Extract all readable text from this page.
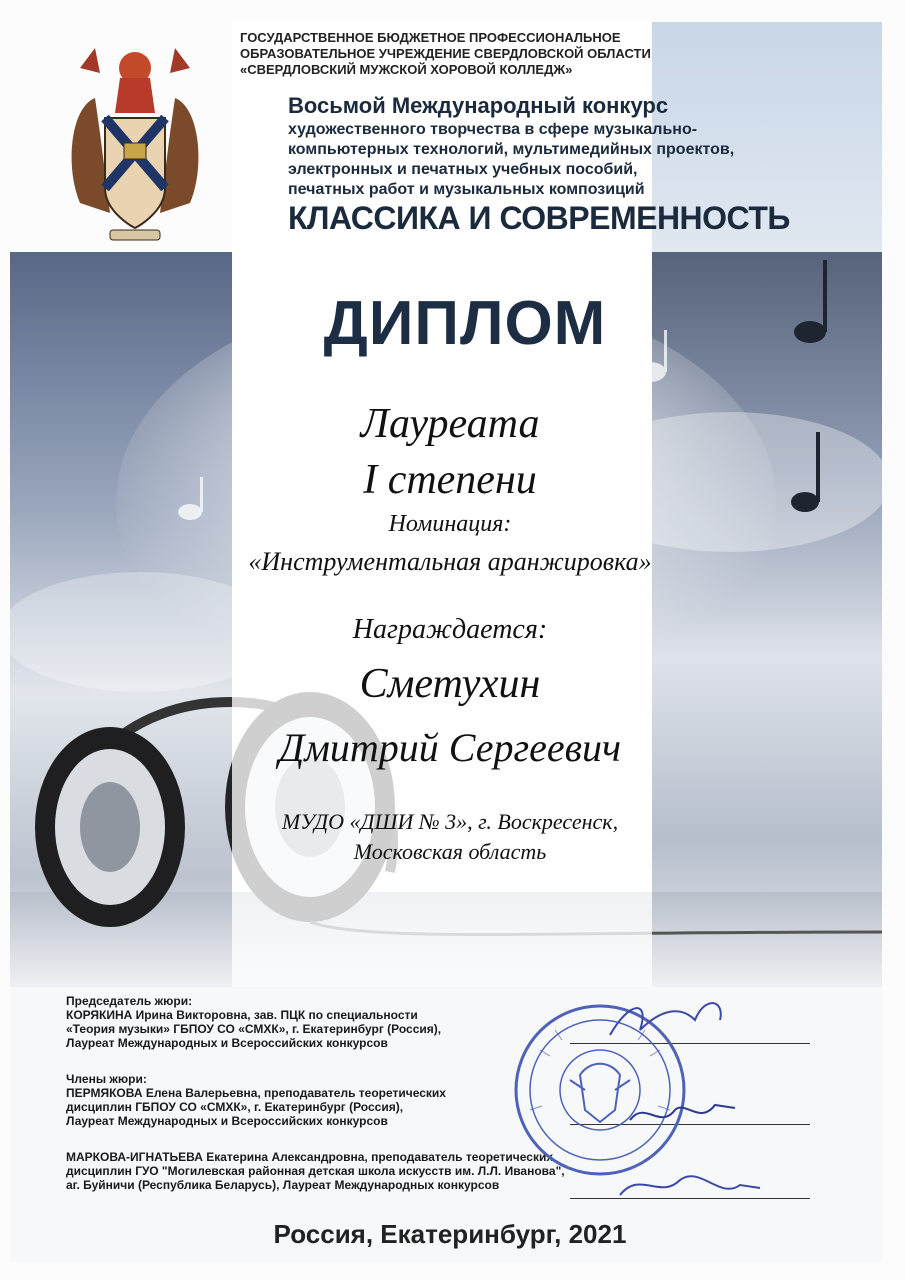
ГОСУДАРСТВЕННОЕ БЮДЖЕТНОЕ ПРОФЕССИОНАЛЬНОЕ
ОБРАЗОВАТЕЛЬНОЕ УЧРЕЖДЕНИЕ СВЕРДЛОВСКОЙ ОБЛАСТИ
«СВЕРДЛОВСКИЙ МУЖСКОЙ ХОРОВОЙ КОЛЛЕДЖ»
Восьмой Международный конкурс
художественного творчества в сфере музыкально-
компьютерных технологий, мультимедийных проектов,
электронных и печатных учебных пособий,
печатных работ и музыкальных композиций
КЛАССИКА И СОВРЕМЕННОСТЬ
ДИПЛОМ
Лауреата
I степени
Номинация:
«Инструментальная аранжировка»
Награждается:
Сметухин
Дмитрий Сергеевич
МУДО «ДШИ № 3», г. Воскресенск,
Московская область
Председатель жюри:
КОРЯКИНА Ирина Викторовна, зав. ПЦК по специальности
«Теория музыки» ГБПОУ СО «СМХК», г. Екатеринбург (Россия),
Лауреат Международных и Всероссийских конкурсов
Члены жюри:
ПЕРМЯКОВА Елена Валерьевна, преподаватель теоретических
дисциплин ГБПОУ СО «СМХК», г. Екатеринбург (Россия),
Лауреат Международных и Всероссийских конкурсов
МАРКОВА-ИГНАТЬЕВА Екатерина Александровна, преподаватель теоретических
дисциплин ГУО "Могилевская районная детская школа искусств им. Л.Л. Иванова",
аг. Буйничи (Республика Беларусь), Лауреат Международных конкурсов
Россия, Екатеринбург, 2021
